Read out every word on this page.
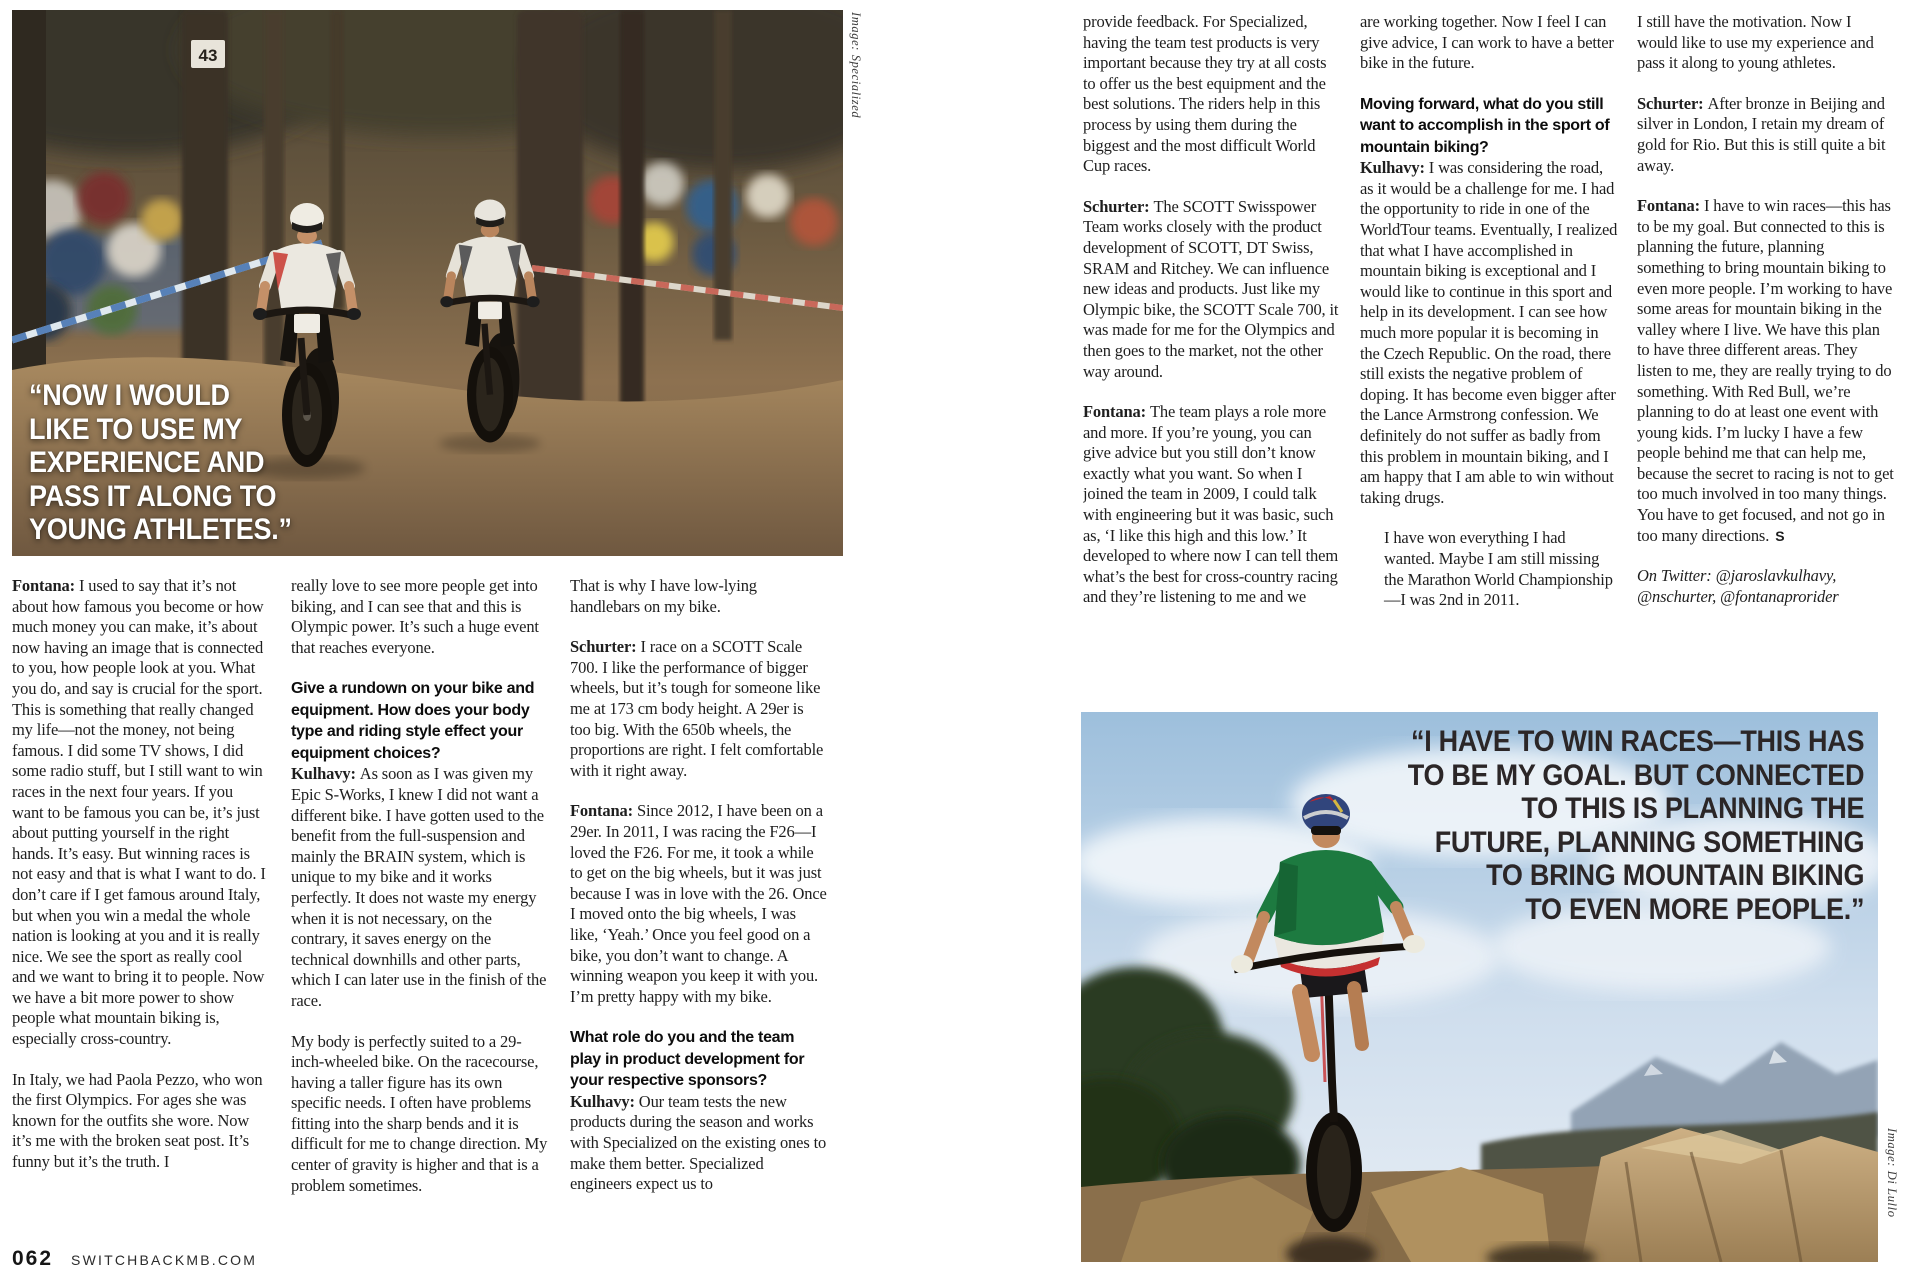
43
“NOW I WOULD
LIKE TO USE MY
EXPERIENCE AND
PASS IT ALONG TO
YOUNG ATHLETES.”
Image: Specialized

Fontana: I used to say that it’s not about how famous you become or how much money you can make, it’s about now having an image that is connected to you, how people look at you. What you do, and say is crucial for the sport. This is something that really changed my life—not the money, not being famous. I did some TV shows, I did some radio stuff, but I still want to win races in the next four years. If you want to be famous you can be, it’s just about putting yourself in the right hands. It’s easy. But winning races is not easy and that is what I want to do. I don’t care if I get famous around Italy, but when you win a medal the whole nation is looking at you and it is really nice. We see the sport as really cool and we want to bring it to people. Now we have a bit more power to show people what mountain biking is, especially cross-country.

In Italy, we had Paola Pezzo, who won the first Olympics. For ages she was known for the outfits she wore. Now it’s me with the broken seat post. It’s funny but it’s the truth. I

really love to see more people get into biking, and I can see that and this is Olympic power. It’s such a huge event that reaches everyone.

Give a rundown on your bike and equipment. How does your body type and riding style effect your equipment choices?

Kulhavy: As soon as I was given my Epic S-Works, I knew I did not want a different bike. I have gotten used to the benefit from the full-suspension and mainly the BRAIN system, which is unique to my bike and it works perfectly. It does not waste my energy when it is not necessary, on the contrary, it saves energy on the technical downhills and other parts, which I can later use in the finish of the race.

My body is perfectly suited to a 29-inch-wheeled bike. On the racecourse, having a taller figure has its own specific needs. I often have problems fitting into the sharp bends and it is difficult for me to change direction. My center of gravity is higher and that is a problem sometimes.

That is why I have low-lying handlebars on my bike.

Schurter: I race on a SCOTT Scale 700. I like the performance of bigger wheels, but it’s tough for someone like me at 173 cm body height. A 29er is too big. With the 650b wheels, the proportions are right. I felt comfortable with it right away.

Fontana: Since 2012, I have been on a 29er. In 2011, I was racing the F26—I loved the F26. For me, it took a while to get on the big wheels, but it was just because I was in love with the 26. Once I moved onto the big wheels, I was like, ‘Yeah.’ Once you feel good on a bike, you don’t want to change. A winning weapon you keep it with you. I’m pretty happy with my bike.

What role do you and the team play in product development for your respective sponsors?

Kulhavy: Our team tests the new products during the season and works with Specialized on the existing ones to make them better. Specialized engineers expect us to

062 SWITCHBACKMB.COM

provide feedback. For Specialized, having the team test products is very important because they try at all costs to offer us the best equipment and the best solutions. The riders help in this process by using them during the biggest and the most difficult World Cup races.

Schurter: The SCOTT Swisspower Team works closely with the product development of SCOTT, DT Swiss, SRAM and Ritchey. We can influence new ideas and products. Just like my Olympic bike, the SCOTT Scale 700, it was made for me for the Olympics and then goes to the market, not the other way around.

Fontana: The team plays a role more and more. If you’re young, you can give advice but you still don’t know exactly what you want. So when I joined the team in 2009, I could talk with engineering but it was basic, such as, ‘I like this high and this low.’ It developed to where now I can tell them what’s the best for cross-country racing and they’re listening to me and we

are working together. Now I feel I can give advice, I can work to have a better bike in the future.

Moving forward, what do you still want to accomplish in the sport of mountain biking?

Kulhavy: I was considering the road, as it would be a challenge for me. I had the opportunity to ride in one of the WorldTour teams. Eventually, I realized that what I have accomplished in mountain biking is exceptional and I would like to continue in this sport and help in its development. I can see how much more popular it is becoming in the Czech Republic. On the road, there still exists the negative problem of doping. It has become even bigger after the Lance Armstrong confession. We definitely do not suffer as badly from this problem in mountain biking, and I am happy that I am able to win without taking drugs.

I have won everything I had wanted. Maybe I am still missing the Marathon World Championship—I was 2nd in 2011.

I still have the motivation. Now I would like to use my experience and pass it along to young athletes.

Schurter: After bronze in Beijing and silver in London, I retain my dream of gold for Rio. But this is still quite a bit away.

Fontana: I have to win races—this has to be my goal. But connected to this is planning the future, planning something to bring mountain biking to even more people. I’m working to have some areas for mountain biking in the valley where I live. We have this plan to have three different areas. They listen to me, they are really trying to do something. With Red Bull, we’re planning to do at least one event with young kids. I’m lucky I have a few people behind me that can help me, because the secret to racing is not to get too much involved in too many things. You have to get focused, and not go in too many directions. S

On Twitter: @jaroslavkulhavy, @nschurter, @fontanaprorider

“I HAVE TO WIN RACES—THIS HAS
TO BE MY GOAL. BUT CONNECTED
TO THIS IS PLANNING THE
FUTURE, PLANNING SOMETHING
TO BRING MOUNTAIN BIKING
TO EVEN MORE PEOPLE.”
Image: Di Lullo
